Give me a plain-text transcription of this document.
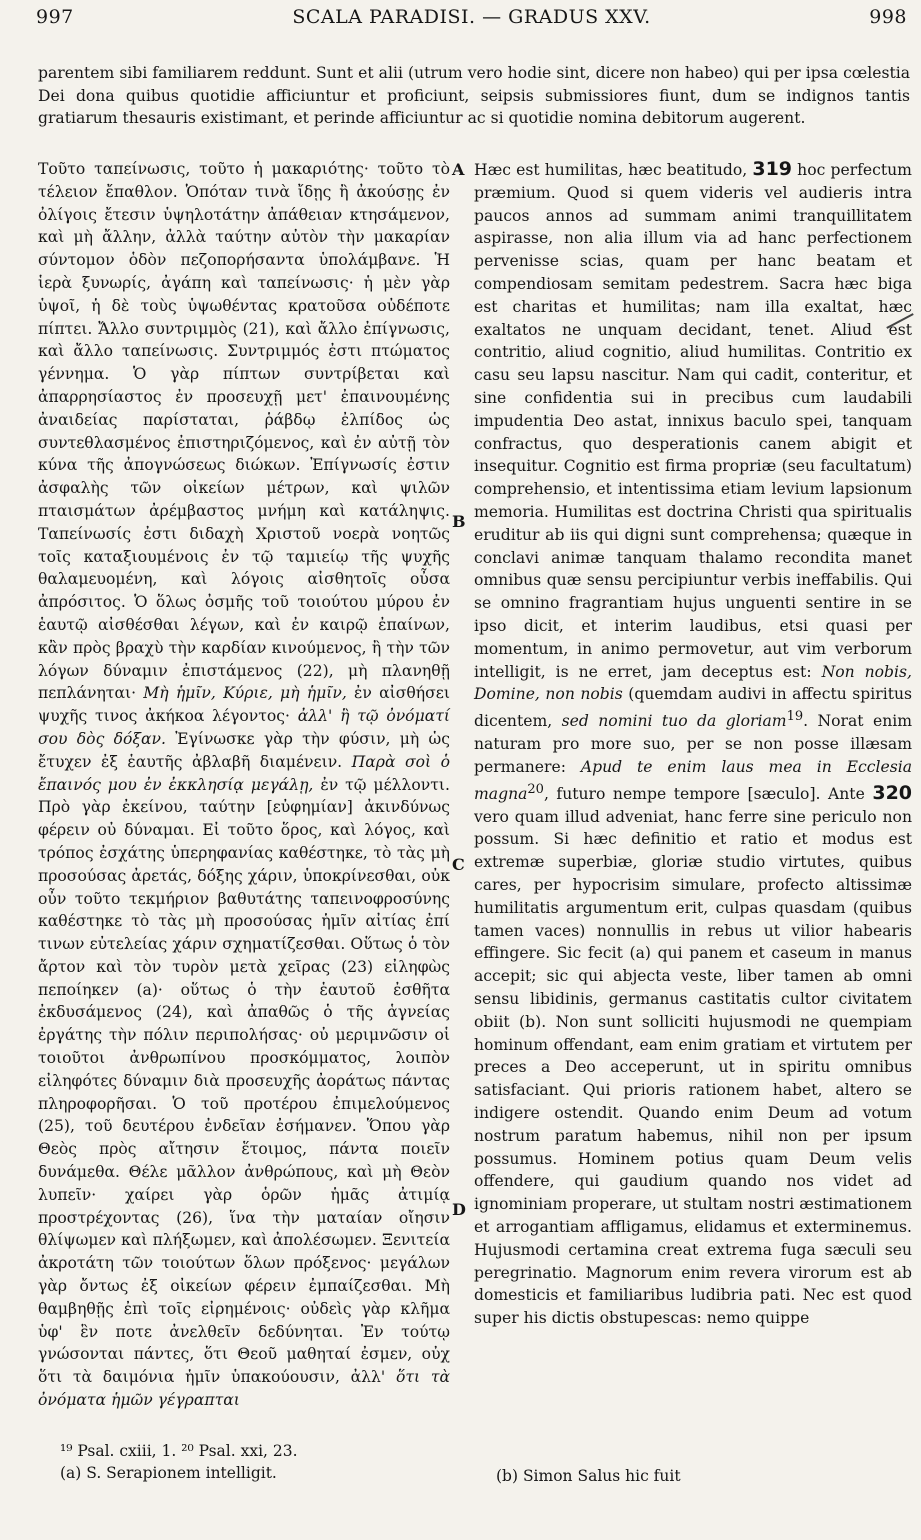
997	SCALA PARADISI. — GRADUS XXV.	998
parentem sibi familiarem reddunt. Sunt et alii (utrum vero hodie sint, dicere non habeo) qui per ipsa cœlestia Dei dona quibus quotidie afficiuntur et proficiunt, seipsis submissiores fiunt, dum se indignos tantis gratiarum thesauris existimant, et perinde afficiuntur ac si quotidie nomina debitorum augerent.
Τοῦτο ταπείνωσις, τοῦτο ἡ μακαριότης· τοῦτο τὸ τέλειον ἔπαθλον. Ὁπόταν τινὰ ἴδῃς ἢ ἀκούσῃς ἐν ὀλίγοις ἔτεσιν ὑψηλοτάτην ἀπάθειαν κτησάμενον, καὶ μὴ ἄλλην, ἀλλὰ ταύτην αὐτὸν τὴν μακαρίαν σύντομον ὁδὸν πεζοπορήσαντα ὑπολάμβανε. Ἡ ἱερὰ ξυνωρίς, ἀγάπη καὶ ταπείνωσις· ἡ μὲν γὰρ ὑψοῖ, ἡ δὲ τοὺς ὑψωθέντας κρατοῦσα οὐδέποτε πίπτει. Ἄλλο συντριμμὸς (21), καὶ ἄλλο ἐπίγνωσις, καὶ ἄλλο ταπείνωσις. Συντριμμός ἐστι πτώματος γέννημα. Ὁ γὰρ πίπτων συντρίβεται καὶ ἀπαρρησίαστος ἐν προσευχῇ μετ' ἐπαινουμένης ἀναιδείας παρίσταται, ῥάβδῳ ἐλπίδος ὡς συντεθλασμένος ἐπιστηριζόμενος, καὶ ἐν αὐτῇ τὸν κύνα τῆς ἀπογνώσεως διώκων. Ἐπίγνωσίς ἐστιν ἀσφαλὴς τῶν οἰκείων μέτρων, καὶ ψιλῶν πταισμάτων ἀρέμβαστος μνήμη καὶ κατάληψις. Ταπείνωσίς ἐστι διδαχὴ Χριστοῦ νοερὰ νοητῶς τοῖς καταξιουμένοις ἐν τῷ ταμιείῳ τῆς ψυχῆς θαλαμευομένη, καὶ λόγοις αἰσθητοῖς οὖσα ἀπρόσιτος. Ὁ ὅλως ὀσμῆς τοῦ τοιούτου μύρου ἐν ἑαυτῷ αἰσθέσθαι λέγων, καὶ ἐν καιρῷ ἐπαίνων, κἂν πρὸς βραχὺ τὴν καρδίαν κινούμενος, ἢ τὴν τῶν λόγων δύναμιν ἐπιστάμενος (22), μὴ πλανηθῇ πεπλάνηται· Μὴ ἡμῖν, Κύριε, μὴ ἡμῖν, ἐν αἰσθήσει ψυχῆς τινος ἀκήκοα λέγοντος· ἀλλ' ἢ τῷ ὀνόματί σου δὸς δόξαν. Ἐγίνωσκε γὰρ τὴν φύσιν, μὴ ὡς ἔτυχεν ἐξ ἑαυτῆς ἀβλαβῆ διαμένειν. Παρὰ σοὶ ὁ ἔπαινός μου ἐν ἐκκλησίᾳ μεγάλῃ, ἐν τῷ μέλλοντι. Πρὸ γὰρ ἐκείνου, ταύτην [εὐφημίαν] ἀκινδύνως φέρειν οὐ δύναμαι. Εἰ τοῦτο ὅρος, καὶ λόγος, καὶ τρόπος ἐσχάτης ὑπερηφανίας καθέστηκε, τὸ τὰς μὴ προσούσας ἀρετάς, δόξης χάριν, ὑποκρίνεσθαι, οὐκ οὖν τοῦτο τεκμήριον βαθυτάτης ταπεινοφροσύνης καθέστηκε τὸ τὰς μὴ προσούσας ἡμῖν αἰτίας ἐπί τινων εὐτελείας χάριν σχηματίζεσθαι. Οὕτως ὁ τὸν ἄρτον καὶ τὸν τυρὸν μετὰ χεῖρας (23) εἰληφὼς πεποίηκεν (a)· οὕτως ὁ τὴν ἑαυτοῦ ἐσθῆτα ἐκδυσάμενος (24), καὶ ἀπαθῶς ὁ τῆς ἁγνείας ἐργάτης τὴν πόλιν περιπολήσας· οὐ μεριμνῶσιν οἱ τοιοῦτοι ἀνθρωπίνου προσκόμματος, λοιπὸν εἰληφότες δύναμιν διὰ προσευχῆς ἀοράτως πάντας πληροφορῆσαι. Ὁ τοῦ προτέρου ἐπιμελούμενος (25), τοῦ δευτέρου ἐνδεῖαν ἐσήμανεν. Ὅπου γὰρ Θεὸς πρὸς αἴτησιν ἕτοιμος, πάντα ποιεῖν δυνάμεθα. Θέλε μᾶλλον ἀνθρώπους, καὶ μὴ Θεὸν λυπεῖν· χαίρει γὰρ ὁρῶν ἡμᾶς ἀτιμίᾳ προστρέχοντας (26), ἵνα τὴν ματαίαν οἴησιν θλίψωμεν καὶ πλήξωμεν, καὶ ἀπολέσωμεν. Ξενιτεία ἀκροτάτη τῶν τοιούτων ὅλων πρόξενος· μεγάλων γὰρ ὄντως ἐξ οἰκείων φέρειν ἐμπαίζεσθαι. Μὴ θαμβηθῇς ἐπὶ τοῖς εἰρημένοις· οὐδεὶς γὰρ κλῆμα ὑφ' ἓν ποτε ἀνελθεῖν δεδύνηται. Ἐν τούτῳ γνώσονται πάντες, ὅτι Θεοῦ μαθηταί ἐσμεν, οὐχ ὅτι τὰ δαιμόνια ἡμῖν ὑπακούουσιν, ἀλλ' ὅτι τὰ ὀνόματα ἡμῶν γέγραπται
A
B
C
D
Hæc est humilitas, hæc beatitudo, 319 hoc perfectum præmium. Quod si quem videris vel audieris intra paucos annos ad summam animi tranquillitatem aspirasse, non alia illum via ad hanc perfectionem pervenisse scias, quam per hanc beatam et compendiosam semitam pedestrem. Sacra hæc biga est charitas et humilitas; nam illa exaltat, hæc exaltatos ne unquam decidant, tenet. Aliud est contritio, aliud cognitio, aliud humilitas. Contritio ex casu seu lapsu nascitur. Nam qui cadit, conteritur, et sine confidentia sui in precibus cum laudabili impudentia Deo astat, innixus baculo spei, tanquam confractus, quo desperationis canem abigit et insequitur. Cognitio est firma propriæ (seu facultatum) comprehensio, et intentissima etiam levium lapsionum memoria. Humilitas est doctrina Christi qua spiritualis eruditur ab iis qui digni sunt comprehensa; quæque in conclavi animæ tanquam thalamo recondita manet omnibus quæ sensu percipiuntur verbis ineffabilis. Qui se omnino fragrantiam hujus unguenti sentire in se ipso dicit, et interim laudibus, etsi quasi per momentum, in animo permovetur, aut vim verborum intelligit, is ne erret, jam deceptus est: Non nobis, Domine, non nobis (quemdam audivi in affectu spiritus dicentem, sed nomini tuo da gloriam$^{19}$. Norat enim naturam pro more suo, per se non posse illæsam permanere: Apud te enim laus mea in Ecclesia magna$^{20}$, futuro nempe tempore [sæculo]. Ante 320 vero quam illud adveniat, hanc ferre sine periculo non possum. Si hæc definitio et ratio et modus est extremæ superbiæ, gloriæ studio virtutes, quibus cares, per hypocrisim simulare, profecto altissimæ humilitatis argumentum erit, culpas quasdam (quibus tamen vaces) nonnullis in rebus ut vilior habearis effingere. Sic fecit (a) qui panem et caseum in manus accepit; sic qui abjecta veste, liber tamen ab omni sensu libidinis, germanus castitatis cultor civitatem obiit (b). Non sunt solliciti hujusmodi ne quempiam hominum offendant, eam enim gratiam et virtutem per preces a Deo acceperunt, ut in spiritu omnibus satisfaciant. Qui prioris rationem habet, altero se indigere ostendit. Quando enim Deum ad votum nostrum paratum habemus, nihil non per ipsum possumus. Hominem potius quam Deum velis offendere, qui gaudium quando nos videt ad ignominiam properare, ut stultam nostri æstimationem et arrogantiam affligamus, elidamus et exterminemus. Hujusmodi certamina creat extrema fuga sæculi seu peregrinatio. Magnorum enim revera virorum est ab domesticis et familiaribus ludibria pati. Nec est quod super his dictis obstupescas: nemo quippe
¹⁹ Psal. cxiii, 1. ²⁰ Psal. xxi, 23.
(a) S. Serapionem intelligit.	(b) Simon Salus hic fuit
